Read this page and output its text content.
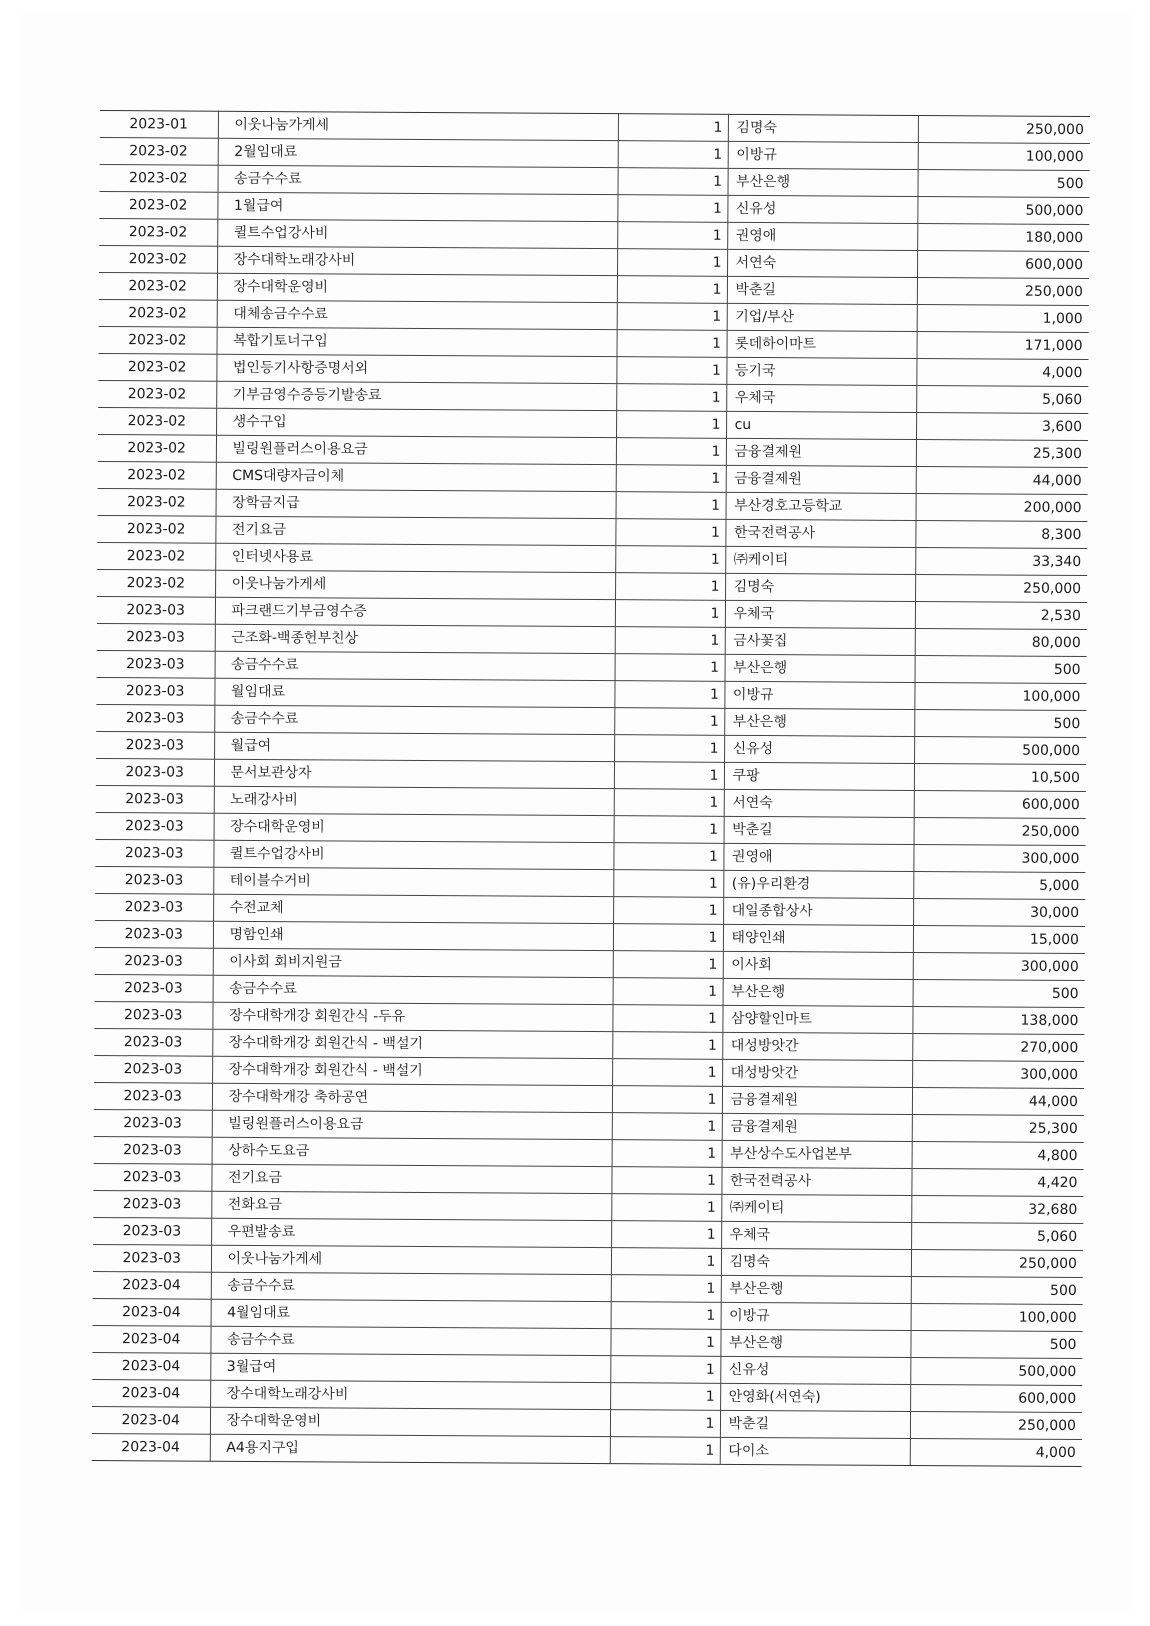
2023-01	이웃나눔가게세	1	김명숙	250,000
2023-02	2월임대료	1	이방규	100,000
2023-02	송금수수료	1	부산은행	500
2023-02	1월급여	1	신유성	500,000
2023-02	퀼트수업강사비	1	권영애	180,000
2023-02	장수대학노래강사비	1	서연숙	600,000
2023-02	장수대학운영비	1	박춘길	250,000
2023-02	대체송금수수료	1	기업/부산	1,000
2023-02	복합기토너구입	1	롯데하이마트	171,000
2023-02	법인등기사항증명서외	1	등기국	4,000
2023-02	기부금영수증등기발송료	1	우체국	5,060
2023-02	생수구입	1	cu	3,600
2023-02	빌링원플러스이용요금	1	금융결제원	25,300
2023-02	CMS대량자금이체	1	금융결제원	44,000
2023-02	장학금지급	1	부산경호고등학교	200,000
2023-02	전기요금	1	한국전력공사	8,300
2023-02	인터넷사용료	1	㈜케이티	33,340
2023-02	이웃나눔가게세	1	김명숙	250,000
2023-03	파크랜드기부금영수증	1	우체국	2,530
2023-03	근조화-백종헌부친상	1	금사꽃집	80,000
2023-03	송금수수료	1	부산은행	500
2023-03	월임대료	1	이방규	100,000
2023-03	송금수수료	1	부산은행	500
2023-03	월급여	1	신유성	500,000
2023-03	문서보관상자	1	쿠팡	10,500
2023-03	노래강사비	1	서연숙	600,000
2023-03	장수대학운영비	1	박춘길	250,000
2023-03	퀼트수업강사비	1	권영애	300,000
2023-03	테이블수거비	1	(유)우리환경	5,000
2023-03	수전교체	1	대일종합상사	30,000
2023-03	명함인쇄	1	태양인쇄	15,000
2023-03	이사회 회비지원금	1	이사회	300,000
2023-03	송금수수료	1	부산은행	500
2023-03	장수대학개강 회원간식 -두유	1	삼양할인마트	138,000
2023-03	장수대학개강 회원간식 - 백설기	1	대성방앗간	270,000
2023-03	장수대학개강 회원간식 - 백설기	1	대성방앗간	300,000
2023-03	장수대학개강 축하공연	1	금융결제원	44,000
2023-03	빌링원플러스이용요금	1	금융결제원	25,300
2023-03	상하수도요금	1	부산상수도사업본부	4,800
2023-03	전기요금	1	한국전력공사	4,420
2023-03	전화요금	1	㈜케이티	32,680
2023-03	우편발송료	1	우체국	5,060
2023-03	이웃나눔가게세	1	김명숙	250,000
2023-04	송금수수료	1	부산은행	500
2023-04	4월임대료	1	이방규	100,000
2023-04	송금수수료	1	부산은행	500
2023-04	3월급여	1	신유성	500,000
2023-04	장수대학노래강사비	1	안영화(서연숙)	600,000
2023-04	장수대학운영비	1	박춘길	250,000
2023-04	A4용지구입	1	다이소	4,000
